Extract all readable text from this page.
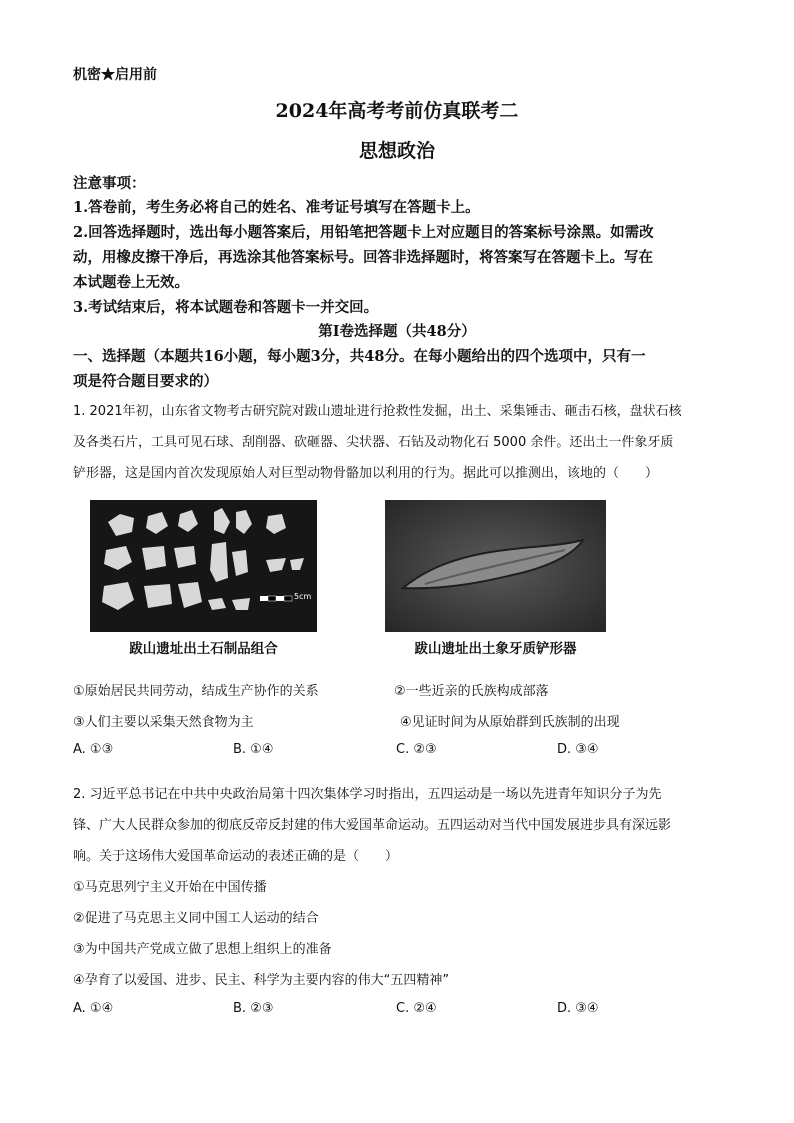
机密★启用前
2024年高考考前仿真联考二
思想政治
注意事项：
1.答卷前，考生务必将自己的姓名、准考证号填写在答题卡上。
2.回答选择题时，选出每小题答案后，用铅笔把答题卡上对应题目的答案标号涂黑。如需改
动，用橡皮擦干净后，再选涂其他答案标号。回答非选择题时，将答案写在答题卡上。写在
本试题卷上无效。
3.考试结束后，将本试题卷和答题卡一并交回。
第Ⅰ卷选择题（共48分）
一、选择题（本题共16小题，每小题3分，共48分。在每小题给出的四个选项中，只有一
项是符合题目要求的）
1. 2021年初，山东省文物考古研究院对跋山遗址进行抢救性发掘，出土、采集锤击、砸击石核，盘状石核
及各类石片，工具可见石球、刮削器、砍砸器、尖状器、石钻及动物化石 5000 余件。还出土一件象牙质
铲形器，这是国内首次发现原始人对巨型动物骨骼加以利用的行为。据此可以推测出，该地的（　　）
5cm
跋山遗址出土石制品组合	跋山遗址出土象牙质铲形器
①原始居民共同劳动，结成生产协作的关系	②一些近亲的氏族构成部落
③人们主要以采集天然食物为主	④见证时间为从原始群到氏族制的出现
A. ①③	B. ①④	C. ②③	D. ③④
2. 习近平总书记在中共中央政治局第十四次集体学习时指出，五四运动是一场以先进青年知识分子为先
锋、广大人民群众参加的彻底反帝反封建的伟大爱国革命运动。五四运动对当代中国发展进步具有深远影
响。关于这场伟大爱国革命运动的表述正确的是（　　）
①马克思列宁主义开始在中国传播
②促进了马克思主义同中国工人运动的结合
③为中国共产党成立做了思想上组织上的准备
④孕育了以爱国、进步、民主、科学为主要内容的伟大“五四精神”
A. ①④	B. ②③	C. ②④	D. ③④
